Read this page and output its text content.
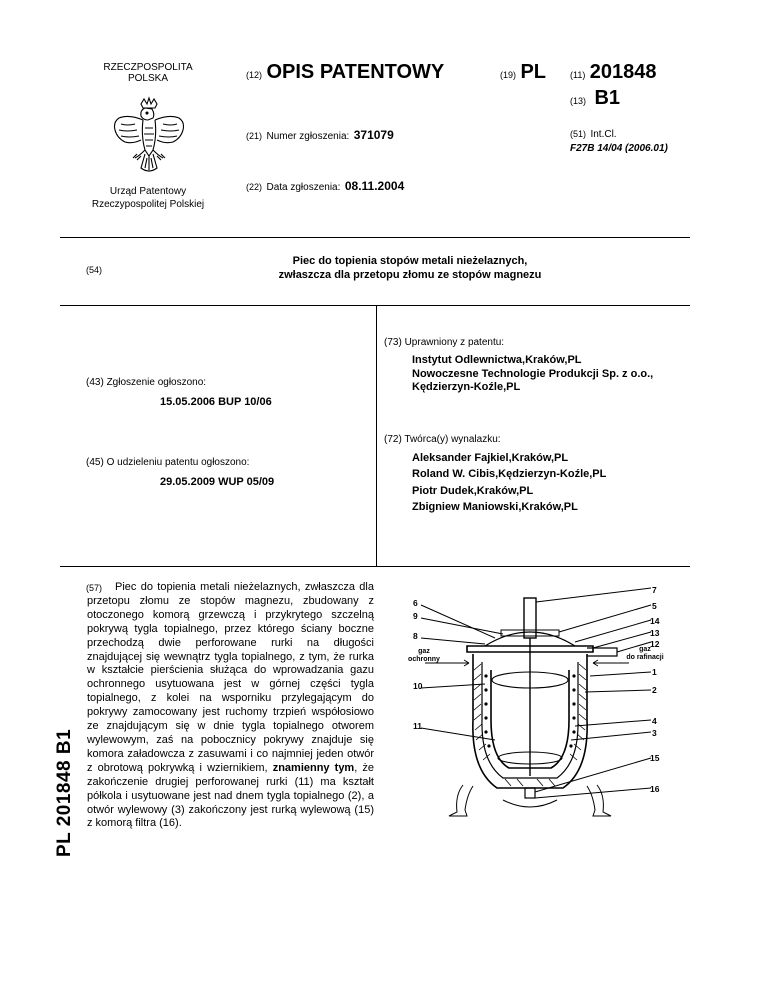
RZECZPOSPOLITA
POLSKA
Urząd Patentowy
Rzeczypospolitej Polskiej
(12) OPIS PATENTOWY	(19) PL	(11) 201848
(13) B1
(21) Numer zgłoszenia: 371079	(51) Int.Cl.
F27B 14/04 (2006.01)
(22) Data zgłoszenia: 08.11.2004
(54)
Piec do topienia stopów metali nieżelaznych,
zwłaszcza dla przetopu złomu ze stopów magnezu
(43) Zgłoszenie ogłoszono:
15.05.2006 BUP 10/06
(45) O udzieleniu patentu ogłoszono:
29.05.2009 WUP 05/09
(73) Uprawniony z patentu:
Instytut Odlewnictwa,Kraków,PL
Nowoczesne Technologie Produkcji Sp. z o.o.,
Kędzierzyn-Koźle,PL
(72) Twórca(y) wynalazku:
Aleksander Fajkiel,Kraków,PL
Roland W. Cibis,Kędzierzyn-Koźle,PL
Piotr Dudek,Kraków,PL
Zbigniew Maniowski,Kraków,PL
PL 201848 B1
(57)	Piec do topienia metali nieżelaznych, zwłaszcza dla przetopu złomu ze stopów magnezu, zbudowany z otoczonego komorą grzewczą i przykrytego szczelną pokrywą tygla topialnego, przez którego ściany boczne przechodzą dwie perforowane rurki na długości znajdującej się wewnątrz tygla topialnego, z tym, że rurka w kształcie pierścienia służąca do wprowadzania gazu ochronnego usytuowana jest w górnej części tygla topialnego, z kolei na wsporniku przylegającym do pokrywy zamocowany jest ruchomy trzpień współosiowo ze znajdującym się w dnie tygla topialnego otworem wylewowym, zaś na pobocznicy pokrywy znajduje się komora załadowcza z zasuwami i co najmniej jeden otwór z obrotową pokrywką i wziernikiem, znamienny tym, że zakończenie drugiej perforowanej rurki (11) ma kształt półkola i usytuowane jest nad dnem tygla topialnego (2), a otwór wylewowy (3) zakończony jest rurką wylewową (15) z komorą filtra (16).
6
9
8
10
11
gaz
ochronny
gaz
do rafinacji
7
5
14
13
12
1
2
4
3
15
16
